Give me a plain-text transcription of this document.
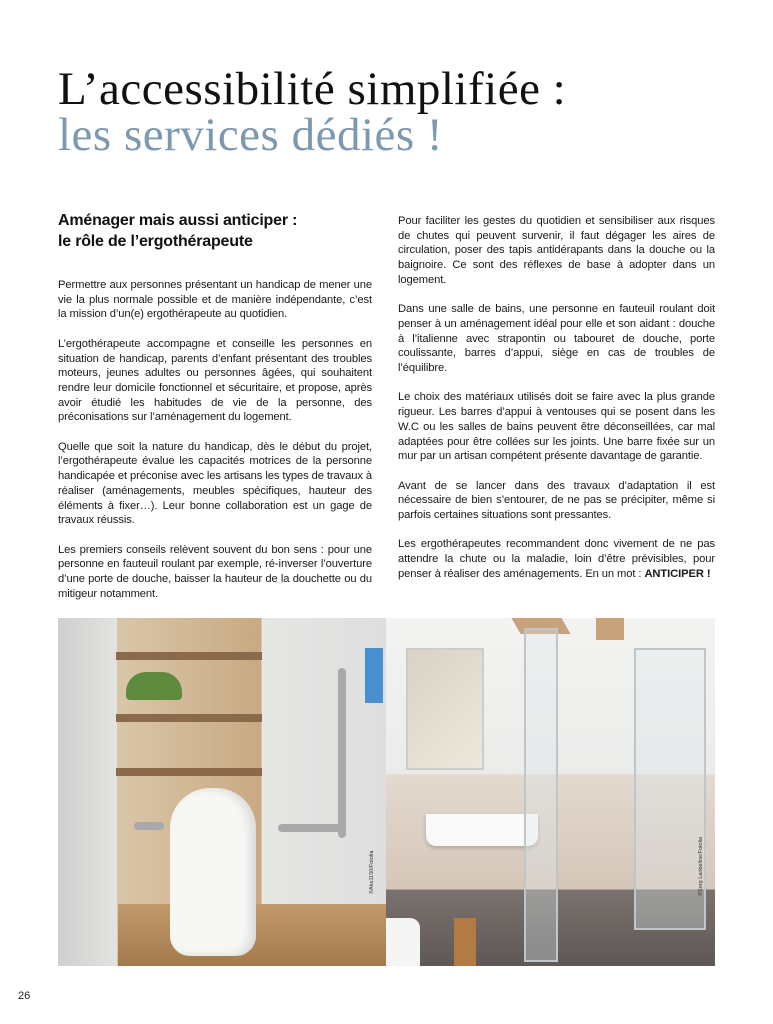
L’accessibilité simplifiée :
les services dédiés !
Aménager mais aussi anticiper :
le rôle de l’ergothérapeute

Permettre aux personnes présentant un handicap de mener une vie la plus normale possible et de manière indépendante, c’est la mission d’un(e) ergothérapeute au quotidien.

L’ergothérapeute accompagne et conseille les personnes en situation de handicap, parents d’enfant présentant des troubles moteurs, jeunes adultes ou personnes âgées, qui souhaitent rendre leur domicile fonctionnel et sécuritaire, et propose, après avoir étudié les habitudes de vie de la personne, des préconisations sur l’aménagement du logement.

Quelle que soit la nature du handicap, dès le début du projet, l’ergothérapeute évalue les capacités motrices de la personne handicapée et préconise avec les artisans les types de travaux à réaliser (aménagements, meubles spécifiques, hauteur des éléments à fixer…). Leur bonne collaboration est un gage de travaux réussis.

Les premiers conseils relèvent souvent du bon sens : pour une personne en fauteuil roulant par exemple, ré-inverser l’ouverture d’une porte de douche, baisser la hauteur de la douchette ou du mitigeur notamment.

Pour faciliter les gestes du quotidien et sensibiliser aux risques de chutes qui peuvent survenir, il faut dégager les aires de circulation, poser des tapis antidérapants dans la douche ou la baignoire. Ce sont des réflexes de base à adopter dans un logement.

Dans une salle de bains, une personne en fauteuil roulant doit penser à un aménagement idéal pour elle et son aidant : douche à l’italienne avec strapontin ou tabouret de douche, porte coulissante, barres d’appui, siège en cas de troubles de l’équilibre.

Le choix des matériaux utilisés doit se faire avec la plus grande rigueur. Les barres d’appui à ventouses qui se posent dans les W.C ou les salles de bains peuvent être déconseillées, car mal adaptées pour être collées sur les joints. Une barre fixée sur un mur par un artisan compétent présente davantage de garantie.

Avant de se lancer dans des travaux d’adaptation il est nécessaire de bien s’entourer, de ne pas se précipiter, même si parfois certaines situations sont pressantes.

Les ergothérapeutes recommandent donc vivement de ne pas attendre la chute ou la maladie, loin d’être prévisibles, pour penser à réaliser des aménagements. En un mot : ANTICIPER !

©Ake1150/Fotolia	©Sorg Lanbeline/Fotolia
26
